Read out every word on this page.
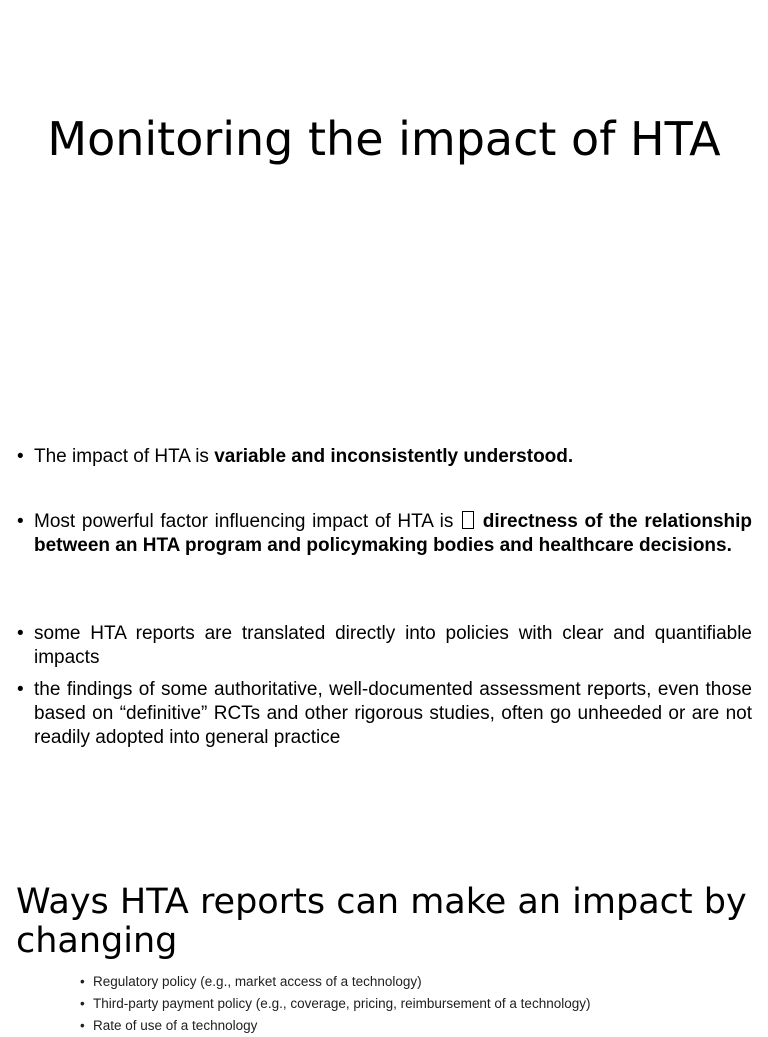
Monitoring the impact of HTA
• The impact of HTA is variable and inconsistently understood.
• Most powerful factor influencing impact of HTA is  directness of the relationship between an HTA program and policymaking bodies and healthcare decisions.
• some HTA reports are translated directly into policies with clear and quantifiable impacts
• the findings of some authoritative, well-documented assessment reports, even those based on “definitive” RCTs and other rigorous studies, often go unheeded or are not readily adopted into general practice
Ways HTA reports can make an impact by changing
• Regulatory policy (e.g., market access of a technology)
• Third-party payment policy (e.g., coverage, pricing, reimbursement of a technology)
• Rate of use of a technology
